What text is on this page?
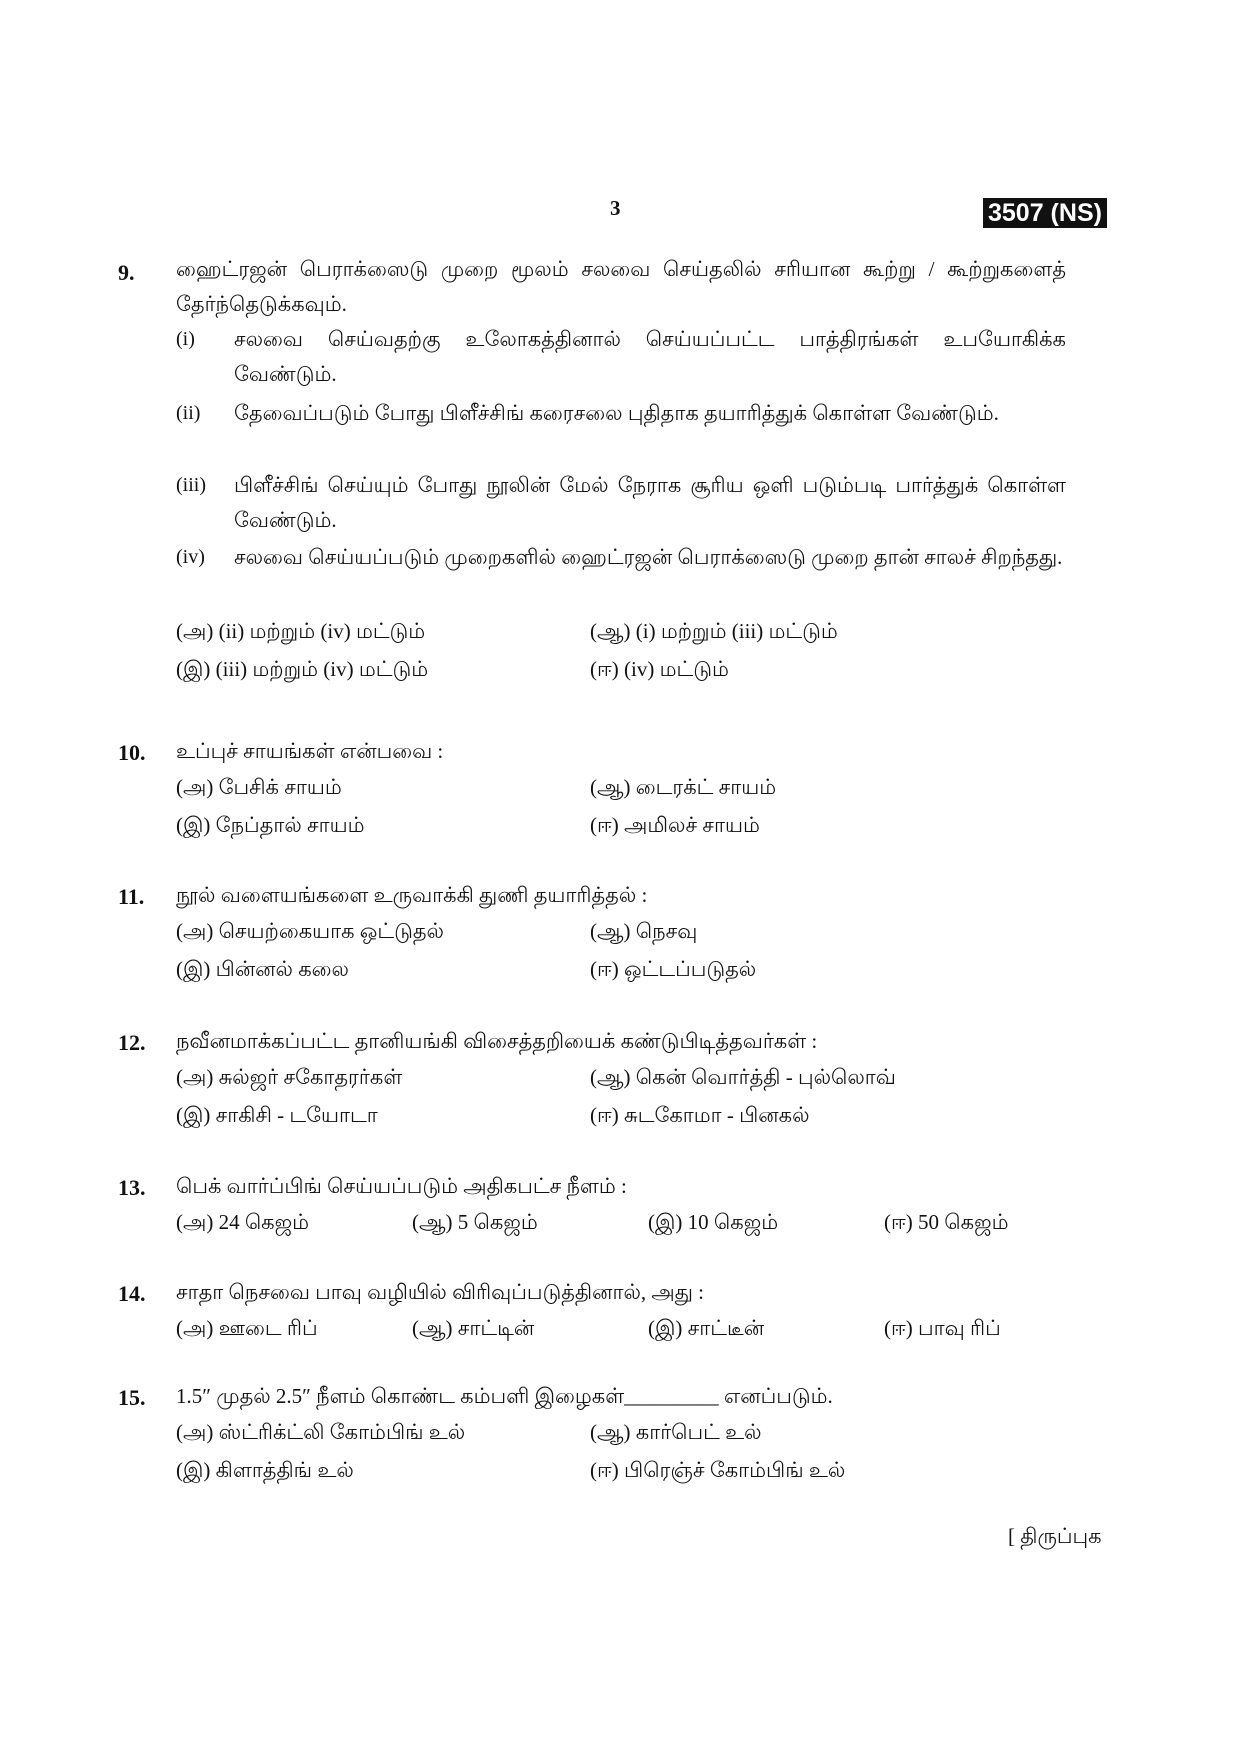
3	3507 (NS)
9. ஹைட்ரஜன் பெராக்ஸைடு முறை மூலம் சலவை செய்தலில் சரியான கூற்று / கூற்றுகளைத் தேர்ந்தெடுக்கவும்.
(i) சலவை செய்வதற்கு உலோகத்தினால் செய்யப்பட்ட பாத்திரங்கள் உபயோகிக்க வேண்டும்.
(ii) தேவைப்படும் போது பிளீச்சிங் கரைசலை புதிதாக தயாரித்துக் கொள்ள வேண்டும்.
(iii) பிளீச்சிங் செய்யும் போது நூலின் மேல் நேராக சூரிய ஒளி படும்படி பார்த்துக் கொள்ள வேண்டும்.
(iv) சலவை செய்யப்படும் முறைகளில் ஹைட்ரஜன் பெராக்ஸைடு முறை தான் சாலச் சிறந்தது.
(அ) (ii) மற்றும் (iv) மட்டும்	(ஆ) (i) மற்றும் (iii) மட்டும்
(இ) (iii) மற்றும் (iv) மட்டும்	(ஈ) (iv) மட்டும்
10. உப்புச் சாயங்கள் என்பவை :
(அ) பேசிக் சாயம்	(ஆ) டைரக்ட் சாயம்
(இ) நேப்தால் சாயம்	(ஈ) அமிலச் சாயம்
11. நூல் வளையங்களை உருவாக்கி துணி தயாரித்தல் :
(அ) செயற்கையாக ஒட்டுதல்	(ஆ) நெசவு
(இ) பின்னல் கலை	(ஈ) ஒட்டப்படுதல்
12. நவீனமாக்கப்பட்ட தானியங்கி விசைத்தறியைக் கண்டுபிடித்தவர்கள் :
(அ) சுல்ஜர் சகோதரர்கள்	(ஆ) கென் வொர்த்தி - புல்லொவ்
(இ) சாகிசி - டயோடா	(ஈ) சுடகோமா - பினகல்
13. பெக் வார்ப்பிங் செய்யப்படும் அதிகபட்ச நீளம் :
(அ) 24 கெஜம்	(ஆ) 5 கெஜம்	(இ) 10 கெஜம்	(ஈ) 50 கெஜம்
14. சாதா நெசவை பாவு வழியில் விரிவுப்படுத்தினால், அது :
(அ) ஊடை ரிப்	(ஆ) சாட்டின்	(இ) சாட்டீன்	(ஈ) பாவு ரிப்
15. 1.5″ முதல் 2.5″ நீளம் கொண்ட கம்பளி இழைகள்_________ எனப்படும்.
(அ) ஸ்ட்ரிக்ட்லி கோம்பிங் உல்	(ஆ) கார்பெட் உல்
(இ) கிளாத்திங் உல்	(ஈ) பிரெஞ்ச் கோம்பிங் உல்
[ திருப்புக
